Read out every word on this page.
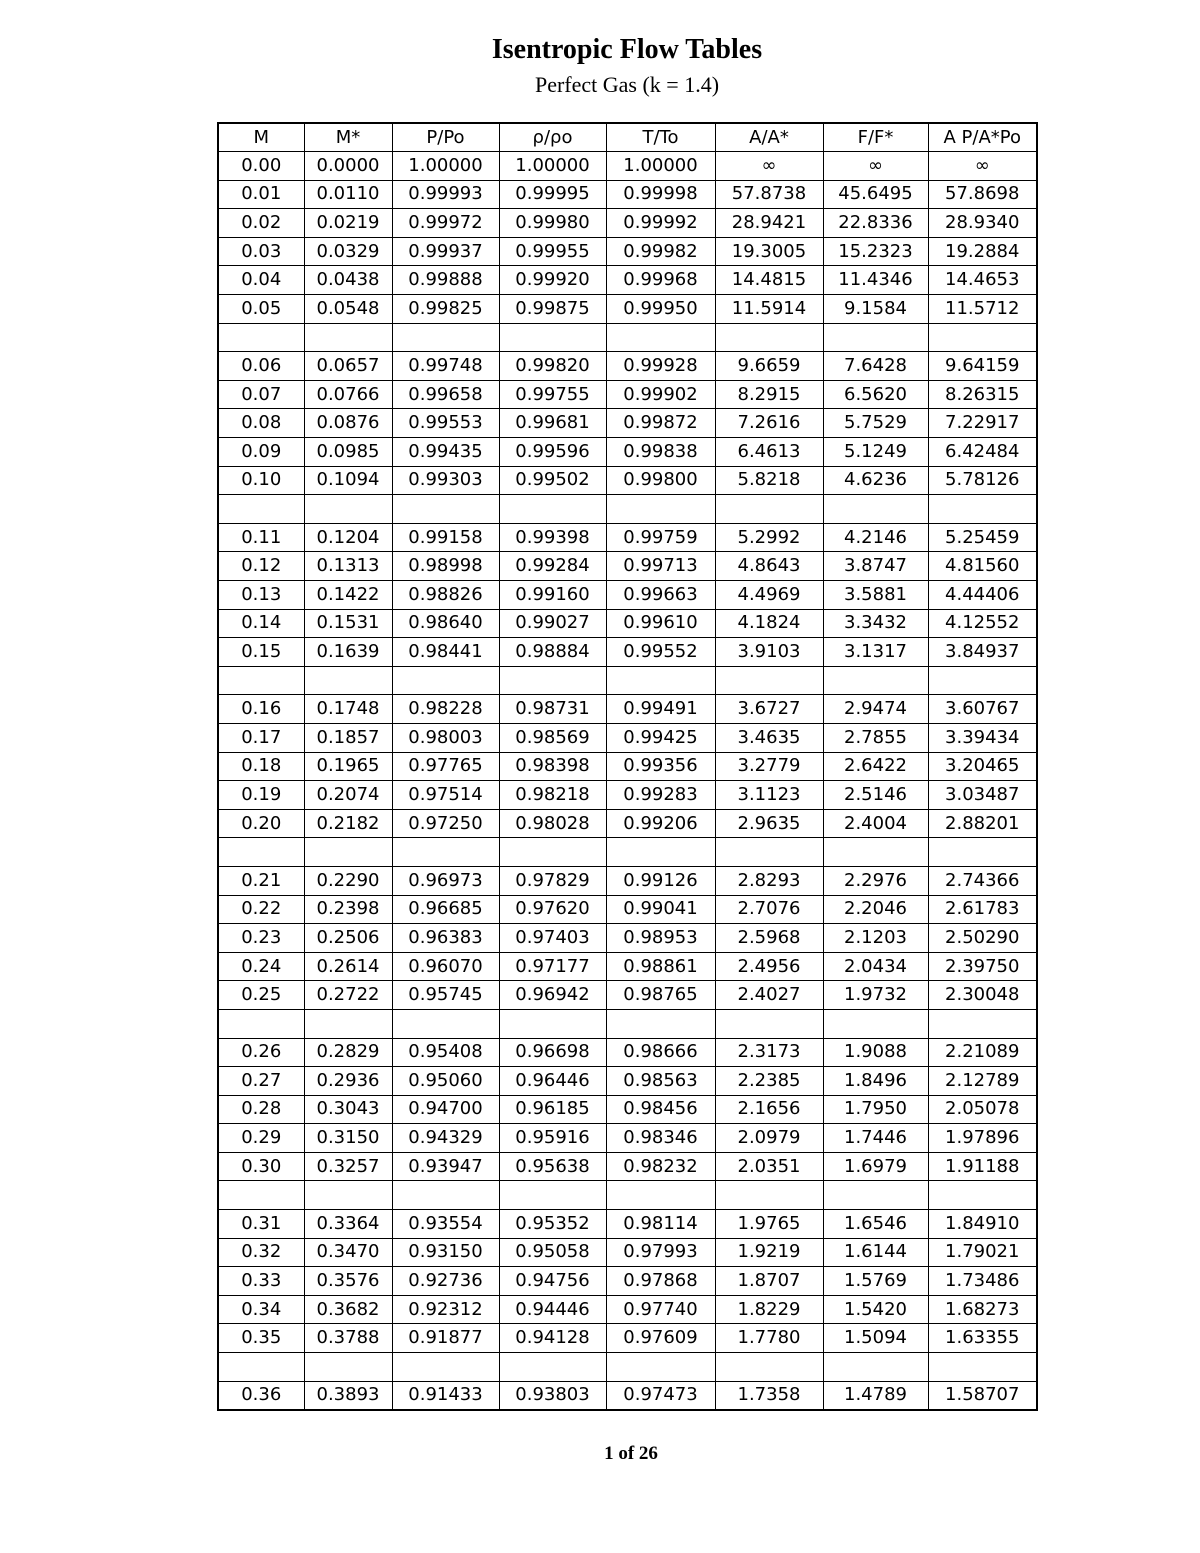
Isentropic Flow Tables
Perfect Gas (k = 1.4)
M	M*	P/Po	ρ/ρo	T/To	A/A*	F/F*	A P/A*Po
0.00	0.0000	1.00000	1.00000	1.00000	∞	∞	∞
0.01	0.0110	0.99993	0.99995	0.99998	57.8738	45.6495	57.8698
0.02	0.0219	0.99972	0.99980	0.99992	28.9421	22.8336	28.9340
0.03	0.0329	0.99937	0.99955	0.99982	19.3005	15.2323	19.2884
0.04	0.0438	0.99888	0.99920	0.99968	14.4815	11.4346	14.4653
0.05	0.0548	0.99825	0.99875	0.99950	11.5914	9.1584	11.5712

0.06	0.0657	0.99748	0.99820	0.99928	9.6659	7.6428	9.64159
0.07	0.0766	0.99658	0.99755	0.99902	8.2915	6.5620	8.26315
0.08	0.0876	0.99553	0.99681	0.99872	7.2616	5.7529	7.22917
0.09	0.0985	0.99435	0.99596	0.99838	6.4613	5.1249	6.42484
0.10	0.1094	0.99303	0.99502	0.99800	5.8218	4.6236	5.78126

0.11	0.1204	0.99158	0.99398	0.99759	5.2992	4.2146	5.25459
0.12	0.1313	0.98998	0.99284	0.99713	4.8643	3.8747	4.81560
0.13	0.1422	0.98826	0.99160	0.99663	4.4969	3.5881	4.44406
0.14	0.1531	0.98640	0.99027	0.99610	4.1824	3.3432	4.12552
0.15	0.1639	0.98441	0.98884	0.99552	3.9103	3.1317	3.84937

0.16	0.1748	0.98228	0.98731	0.99491	3.6727	2.9474	3.60767
0.17	0.1857	0.98003	0.98569	0.99425	3.4635	2.7855	3.39434
0.18	0.1965	0.97765	0.98398	0.99356	3.2779	2.6422	3.20465
0.19	0.2074	0.97514	0.98218	0.99283	3.1123	2.5146	3.03487
0.20	0.2182	0.97250	0.98028	0.99206	2.9635	2.4004	2.88201

0.21	0.2290	0.96973	0.97829	0.99126	2.8293	2.2976	2.74366
0.22	0.2398	0.96685	0.97620	0.99041	2.7076	2.2046	2.61783
0.23	0.2506	0.96383	0.97403	0.98953	2.5968	2.1203	2.50290
0.24	0.2614	0.96070	0.97177	0.98861	2.4956	2.0434	2.39750
0.25	0.2722	0.95745	0.96942	0.98765	2.4027	1.9732	2.30048

0.26	0.2829	0.95408	0.96698	0.98666	2.3173	1.9088	2.21089
0.27	0.2936	0.95060	0.96446	0.98563	2.2385	1.8496	2.12789
0.28	0.3043	0.94700	0.96185	0.98456	2.1656	1.7950	2.05078
0.29	0.3150	0.94329	0.95916	0.98346	2.0979	1.7446	1.97896
0.30	0.3257	0.93947	0.95638	0.98232	2.0351	1.6979	1.91188

0.31	0.3364	0.93554	0.95352	0.98114	1.9765	1.6546	1.84910
0.32	0.3470	0.93150	0.95058	0.97993	1.9219	1.6144	1.79021
0.33	0.3576	0.92736	0.94756	0.97868	1.8707	1.5769	1.73486
0.34	0.3682	0.92312	0.94446	0.97740	1.8229	1.5420	1.68273
0.35	0.3788	0.91877	0.94128	0.97609	1.7780	1.5094	1.63355

0.36	0.3893	0.91433	0.93803	0.97473	1.7358	1.4789	1.58707
1 of 26
